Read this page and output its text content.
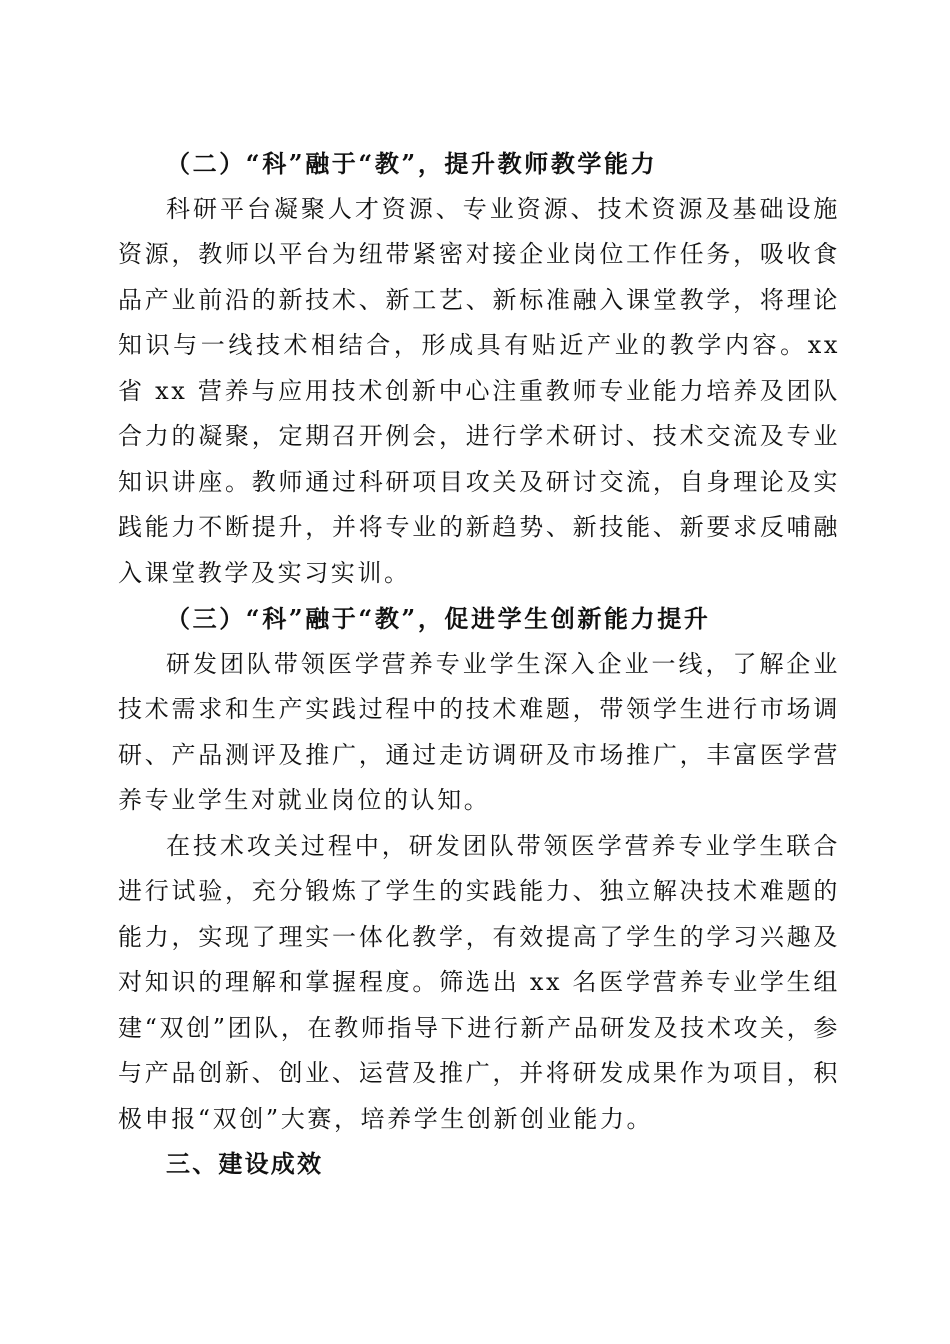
（二）“科”融于“教”，提升教师教学能力

科研平台凝聚人才资源、专业资源、技术资源及基础设施资源，教师以平台为纽带紧密对接企业岗位工作任务，吸收食品产业前沿的新技术、新工艺、新标准融入课堂教学，将理论知识与一线技术相结合，形成具有贴近产业的教学内容。xx 省 xx 营养与应用技术创新中心注重教师专业能力培养及团队合力的凝聚，定期召开例会，进行学术研讨、技术交流及专业知识讲座。教师通过科研项目攻关及研讨交流，自身理论及实践能力不断提升，并将专业的新趋势、新技能、新要求反哺融入课堂教学及实习实训。

（三）“科”融于“教”，促进学生创新能力提升

研发团队带领医学营养专业学生深入企业一线，了解企业技术需求和生产实践过程中的技术难题，带领学生进行市场调研、产品测评及推广，通过走访调研及市场推广，丰富医学营养专业学生对就业岗位的认知。

在技术攻关过程中，研发团队带领医学营养专业学生联合进行试验，充分锻炼了学生的实践能力、独立解决技术难题的能力，实现了理实一体化教学，有效提高了学生的学习兴趣及对知识的理解和掌握程度。筛选出 xx 名医学营养专业学生组建“双创”团队，在教师指导下进行新产品研发及技术攻关，参与产品创新、创业、运营及推广，并将研发成果作为项目，积极申报“双创”大赛，培养学生创新创业能力。

三、建设成效
